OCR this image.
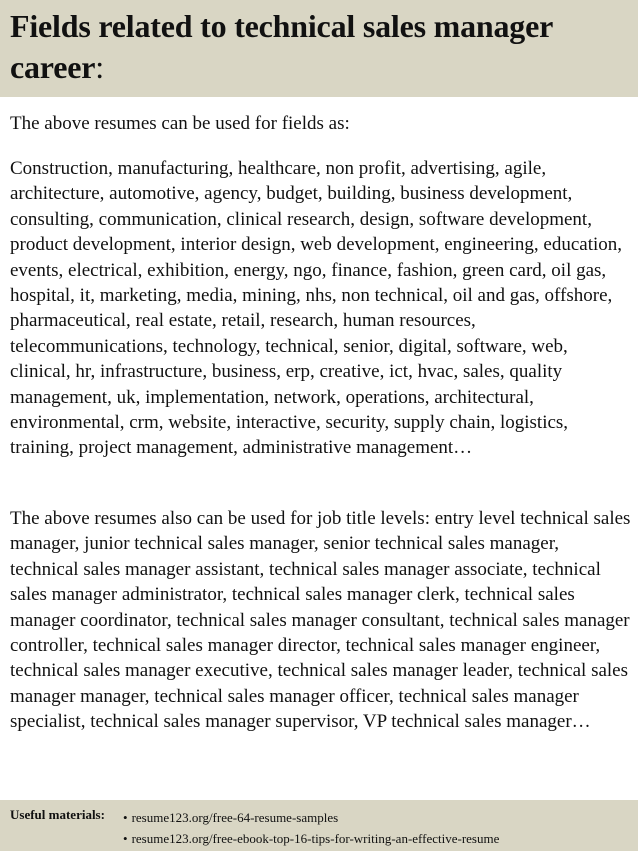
Fields related to technical sales manager career:

The above resumes can be used for fields as:

Construction, manufacturing, healthcare, non profit, advertising, agile, architecture, automotive, agency, budget, building, business development, consulting, communication, clinical research, design, software development, product development, interior design, web development, engineering, education, events, electrical, exhibition, energy, ngo, finance, fashion, green card, oil gas, hospital, it, marketing, media, mining, nhs, non technical, oil and gas, offshore, pharmaceutical, real estate, retail, research, human resources, telecommunications, technology, technical, senior, digital, software, web, clinical, hr, infrastructure, business, erp, creative, ict, hvac, sales, quality management, uk, implementation, network, operations, architectural, environmental, crm, website, interactive, security, supply chain, logistics, training, project management, administrative management…

The above resumes also can be used for job title levels: entry level technical sales manager, junior technical sales manager, senior technical sales manager, technical sales manager assistant, technical sales manager associate, technical sales manager administrator, technical sales manager clerk, technical sales manager coordinator, technical sales manager consultant, technical sales manager controller, technical sales manager director, technical sales manager engineer, technical sales manager executive, technical sales manager leader, technical sales manager manager, technical sales manager officer, technical sales manager specialist, technical sales manager supervisor, VP technical sales manager…

Useful materials: • resume123.org/free-64-resume-samples
• resume123.org/free-ebook-top-16-tips-for-writing-an-effective-resume
